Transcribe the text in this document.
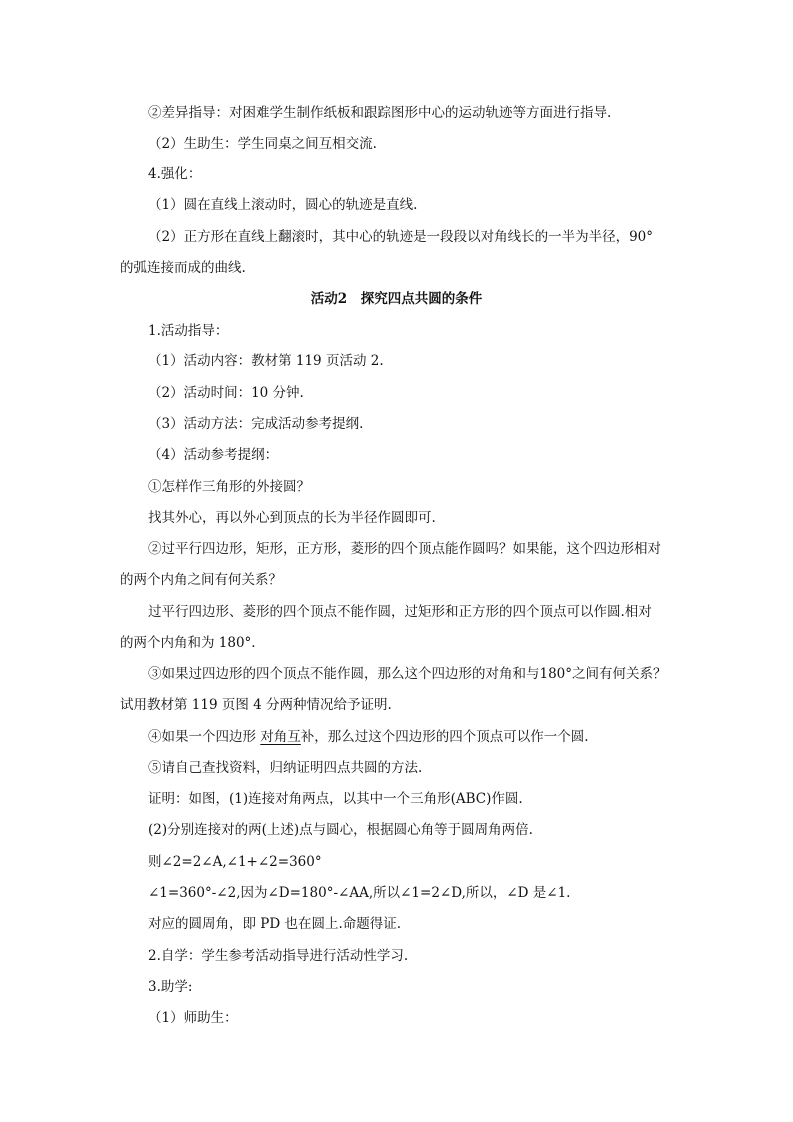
②差异指导：对困难学生制作纸板和跟踪图形中心的运动轨迹等方面进行指导.
（2）生助生：学生同桌之间互相交流.
4.强化：
（1）圆在直线上滚动时，圆心的轨迹是直线.
（2）正方形在直线上翻滚时，其中心的轨迹是一段段以对角线长的一半为半径，90°
的弧连接而成的曲线.
活动2　探究四点共圆的条件
1.活动指导：
（1）活动内容：教材第 119 页活动 2.
（2）活动时间：10 分钟.
（3）活动方法：完成活动参考提纲.
（4）活动参考提纲：
①怎样作三角形的外接圆？
找其外心，再以外心到顶点的长为半径作圆即可.
②过平行四边形，矩形，正方形，菱形的四个顶点能作圆吗？如果能，这个四边形相对
的两个内角之间有何关系？
过平行四边形、菱形的四个顶点不能作圆，过矩形和正方形的四个顶点可以作圆.相对
的两个内角和为 180°.
③如果过四边形的四个顶点不能作圆，那么这个四边形的对角和与180°之间有何关系？
试用教材第 119 页图 4 分两种情况给予证明.
④如果一个四边形 对角互补，那么过这个四边形的四个顶点可以作一个圆.
⑤请自己查找资料，归纳证明四点共圆的方法.
证明：如图，(1)连接对角两点，以其中一个三角形(ABC)作圆.
(2)分别连接对的两(上述)点与圆心，根据圆心角等于圆周角两倍.
则∠2=2∠A,∠1+∠2=360°
∠1=360°-∠2,因为∠D=180°-∠AA,所以∠1=2∠D,所以，∠D 是∠1.
对应的圆周角，即 PD 也在圆上.命题得证.
2.自学：学生参考活动指导进行活动性学习.
3.助学:
（1）师助生：
